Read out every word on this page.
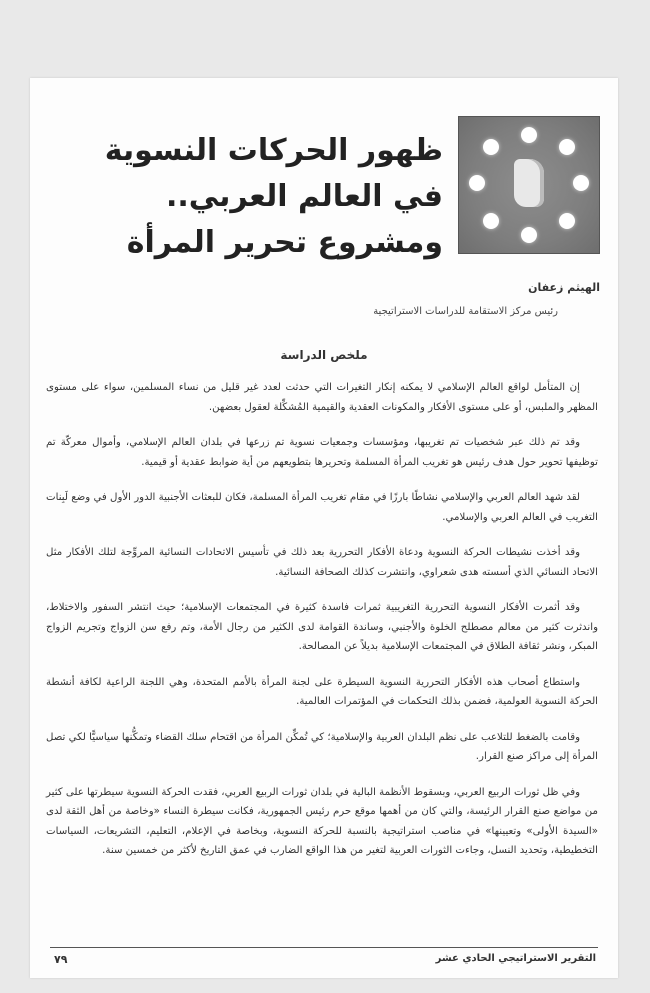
ظهور الحركات النسوية
في العالم العربي..
ومشروع تحرير المرأة
الهيثم زعفان
رئيس مركز الاستقامة للدراسات الاستراتيجية
ملخص الدراسة

إن المتأمل لواقع العالم الإسلامي لا يمكنه إنكار التغيرات التي حدثت لعدد غير قليل من نساء المسلمين، سواء على مستوى المظهر والملبس، أو على مستوى الأفكار والمكونات العقدية والقيمية المُشكِّلة لعقول بعضهن.

وقد تم ذلك عبر شخصيات تم تغريبها، ومؤسسات وجمعيات نسوية تم زرعها في بلدان العالم الإسلامي، وأموال معركّة تم توظيفها تحوير حول هدف رئيس هو تغريب المرأة المسلمة وتحريرها بتطويعهم من أية ضوابط عقدية أو قيمية.

لقد شهد العالم العربي والإسلامي نشاطًا بارزًا في مقام تغريب المرأة المسلمة، فكان للبعثات الأجنبية الدور الأول في وضع لَبِنات التغريب في العالم العربي والإسلامي.

وقد أخذت نشيطات الحركة النسوية ودعاة الأفكار التحررية بعد ذلك في تأسيس الاتحادات النسائية المروِّجة لتلك الأفكار مثل الاتحاد النسائي الذي أسسته هدى شعراوي، وانتشرت كذلك الصحافة النسائية.

وقد أثمرت الأفكار النسوية التحررية التغريبية ثمرات فاسدة كثيرة في المجتمعات الإسلامية؛ حيث انتشر السفور والاختلاط، واندثرت كثير من معالم مصطلح الخلوة والأجنبي، وساندة القوامة لدى الكثير من رجال الأمة، وتم رفع سن الزواج وتجريم الزواج المبكر، ونشر ثقافة الطلاق في المجتمعات الإسلامية بديلاً عن المصالحة.

واستطاع أصحاب هذه الأفكار التحررية النسوية السيطرة على لجنة المرأة بالأمم المتحدة، وهي اللجنة الراعية لكافة أنشطة الحركة النسوية العولمية، فضمن بذلك التحكمات في المؤتمرات العالمية.

وقامت بالضغط للتلاعب على نظم البلدان العربية والإسلامية؛ كي تُمكِّن المرأة من اقتحام سلك القضاء وتمكُّنها سياسيًّا لكي تصل المرأة إلى مراكز صنع القرار.

وفي ظل ثورات الربيع العربي، وبسقوط الأنظمة البالية في بلدان ثورات الربيع العربي، فقدت الحركة النسوية سيطرتها على كثير من مواضع صنع القرار الرئيسة، والتي كان من أهمها موقع حرم رئيس الجمهورية، فكانت سيطرة النساء «وخاصة من أهل الثقة لدى «السيدة الأولى» وتعيينها» في مناصب استراتيجية بالنسبة للحركة النسوية، وبخاصة في الإعلام، التعليم، التشريعات، السياسات التخطيطية، وتحديد النسل، وجاءت الثورات العربية لتغير من هذا الواقع الضارب في عمق التاريخ لأكثر من خمسين سنة.

التقرير الاستراتيجي الحادي عشر
٧٩
